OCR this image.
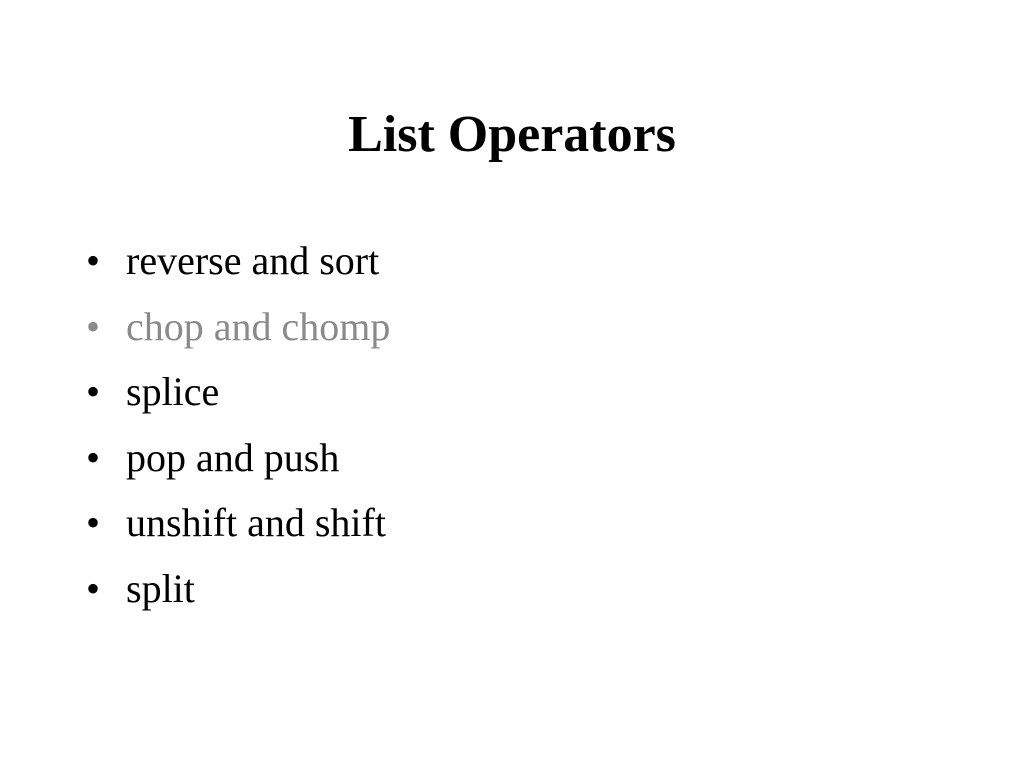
List Operators
• reverse and sort
• chop and chomp
• splice
• pop and push
• unshift and shift
• split
